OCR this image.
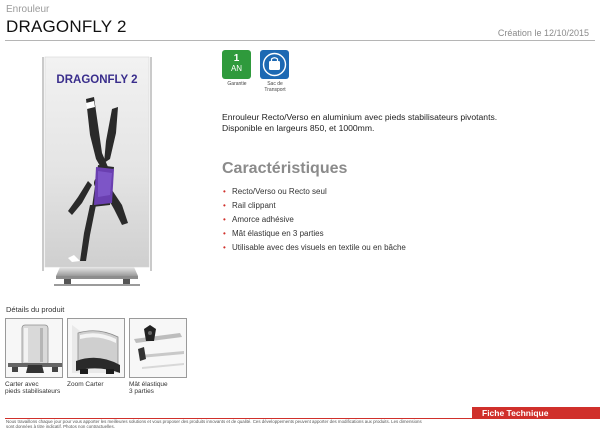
Enrouleur
DRAGONFLY 2	Création le 12/10/2015
DRAGONFLY 2
1
AN
Garantie	Sac de
Transport
Enrouleur Recto/Verso en aluminium avec pieds stabilisateurs pivotants.
Disponible en largeurs 850, et 1000mm.
Caractéristiques
• Recto/Verso ou Recto seul
• Rail clippant
• Amorce adhésive
• Mât élastique en 3 parties
• Utilisable avec des visuels en textile ou en bâche
Détails du produit
Carter avec
pieds stabilisateurs
Zoom Carter	Mât élastique
3 parties
Fiche Technique
Nous travaillons chaque jour pour vous apporter les meilleures solutions et vous proposer des produits innovants et de qualité. Ces développements peuvent apporter des modifications aux produits. Les dimensions sont données à titre indicatif. Photos non contractuelles.
